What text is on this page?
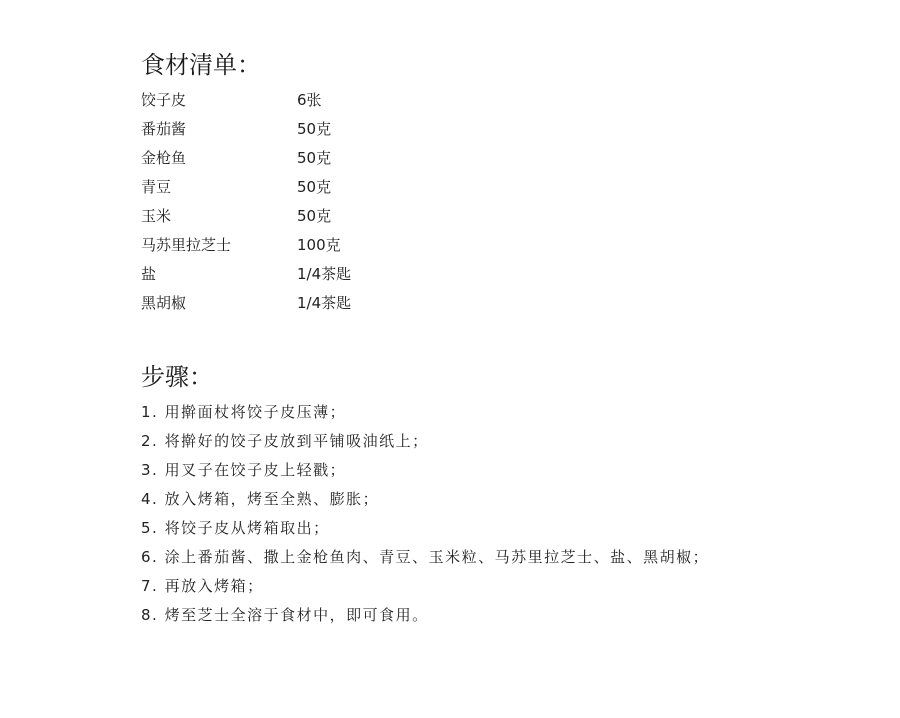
食材清单：
饺子皮	6张
番茄酱	50克
金枪鱼	50克
青豆	50克
玉米	50克
马苏里拉芝士	100克
盐	1/4茶匙
黑胡椒	1/4茶匙
步骤：
1. 用擀面杖将饺子皮压薄；
2. 将擀好的饺子皮放到平铺吸油纸上；
3. 用叉子在饺子皮上轻戳；
4. 放入烤箱，烤至全熟、膨胀；
5. 将饺子皮从烤箱取出；
6. 涂上番茄酱、撒上金枪鱼肉、青豆、玉米粒、马苏里拉芝士、盐、黑胡椒；
7. 再放入烤箱；
8. 烤至芝士全溶于食材中，即可食用。
